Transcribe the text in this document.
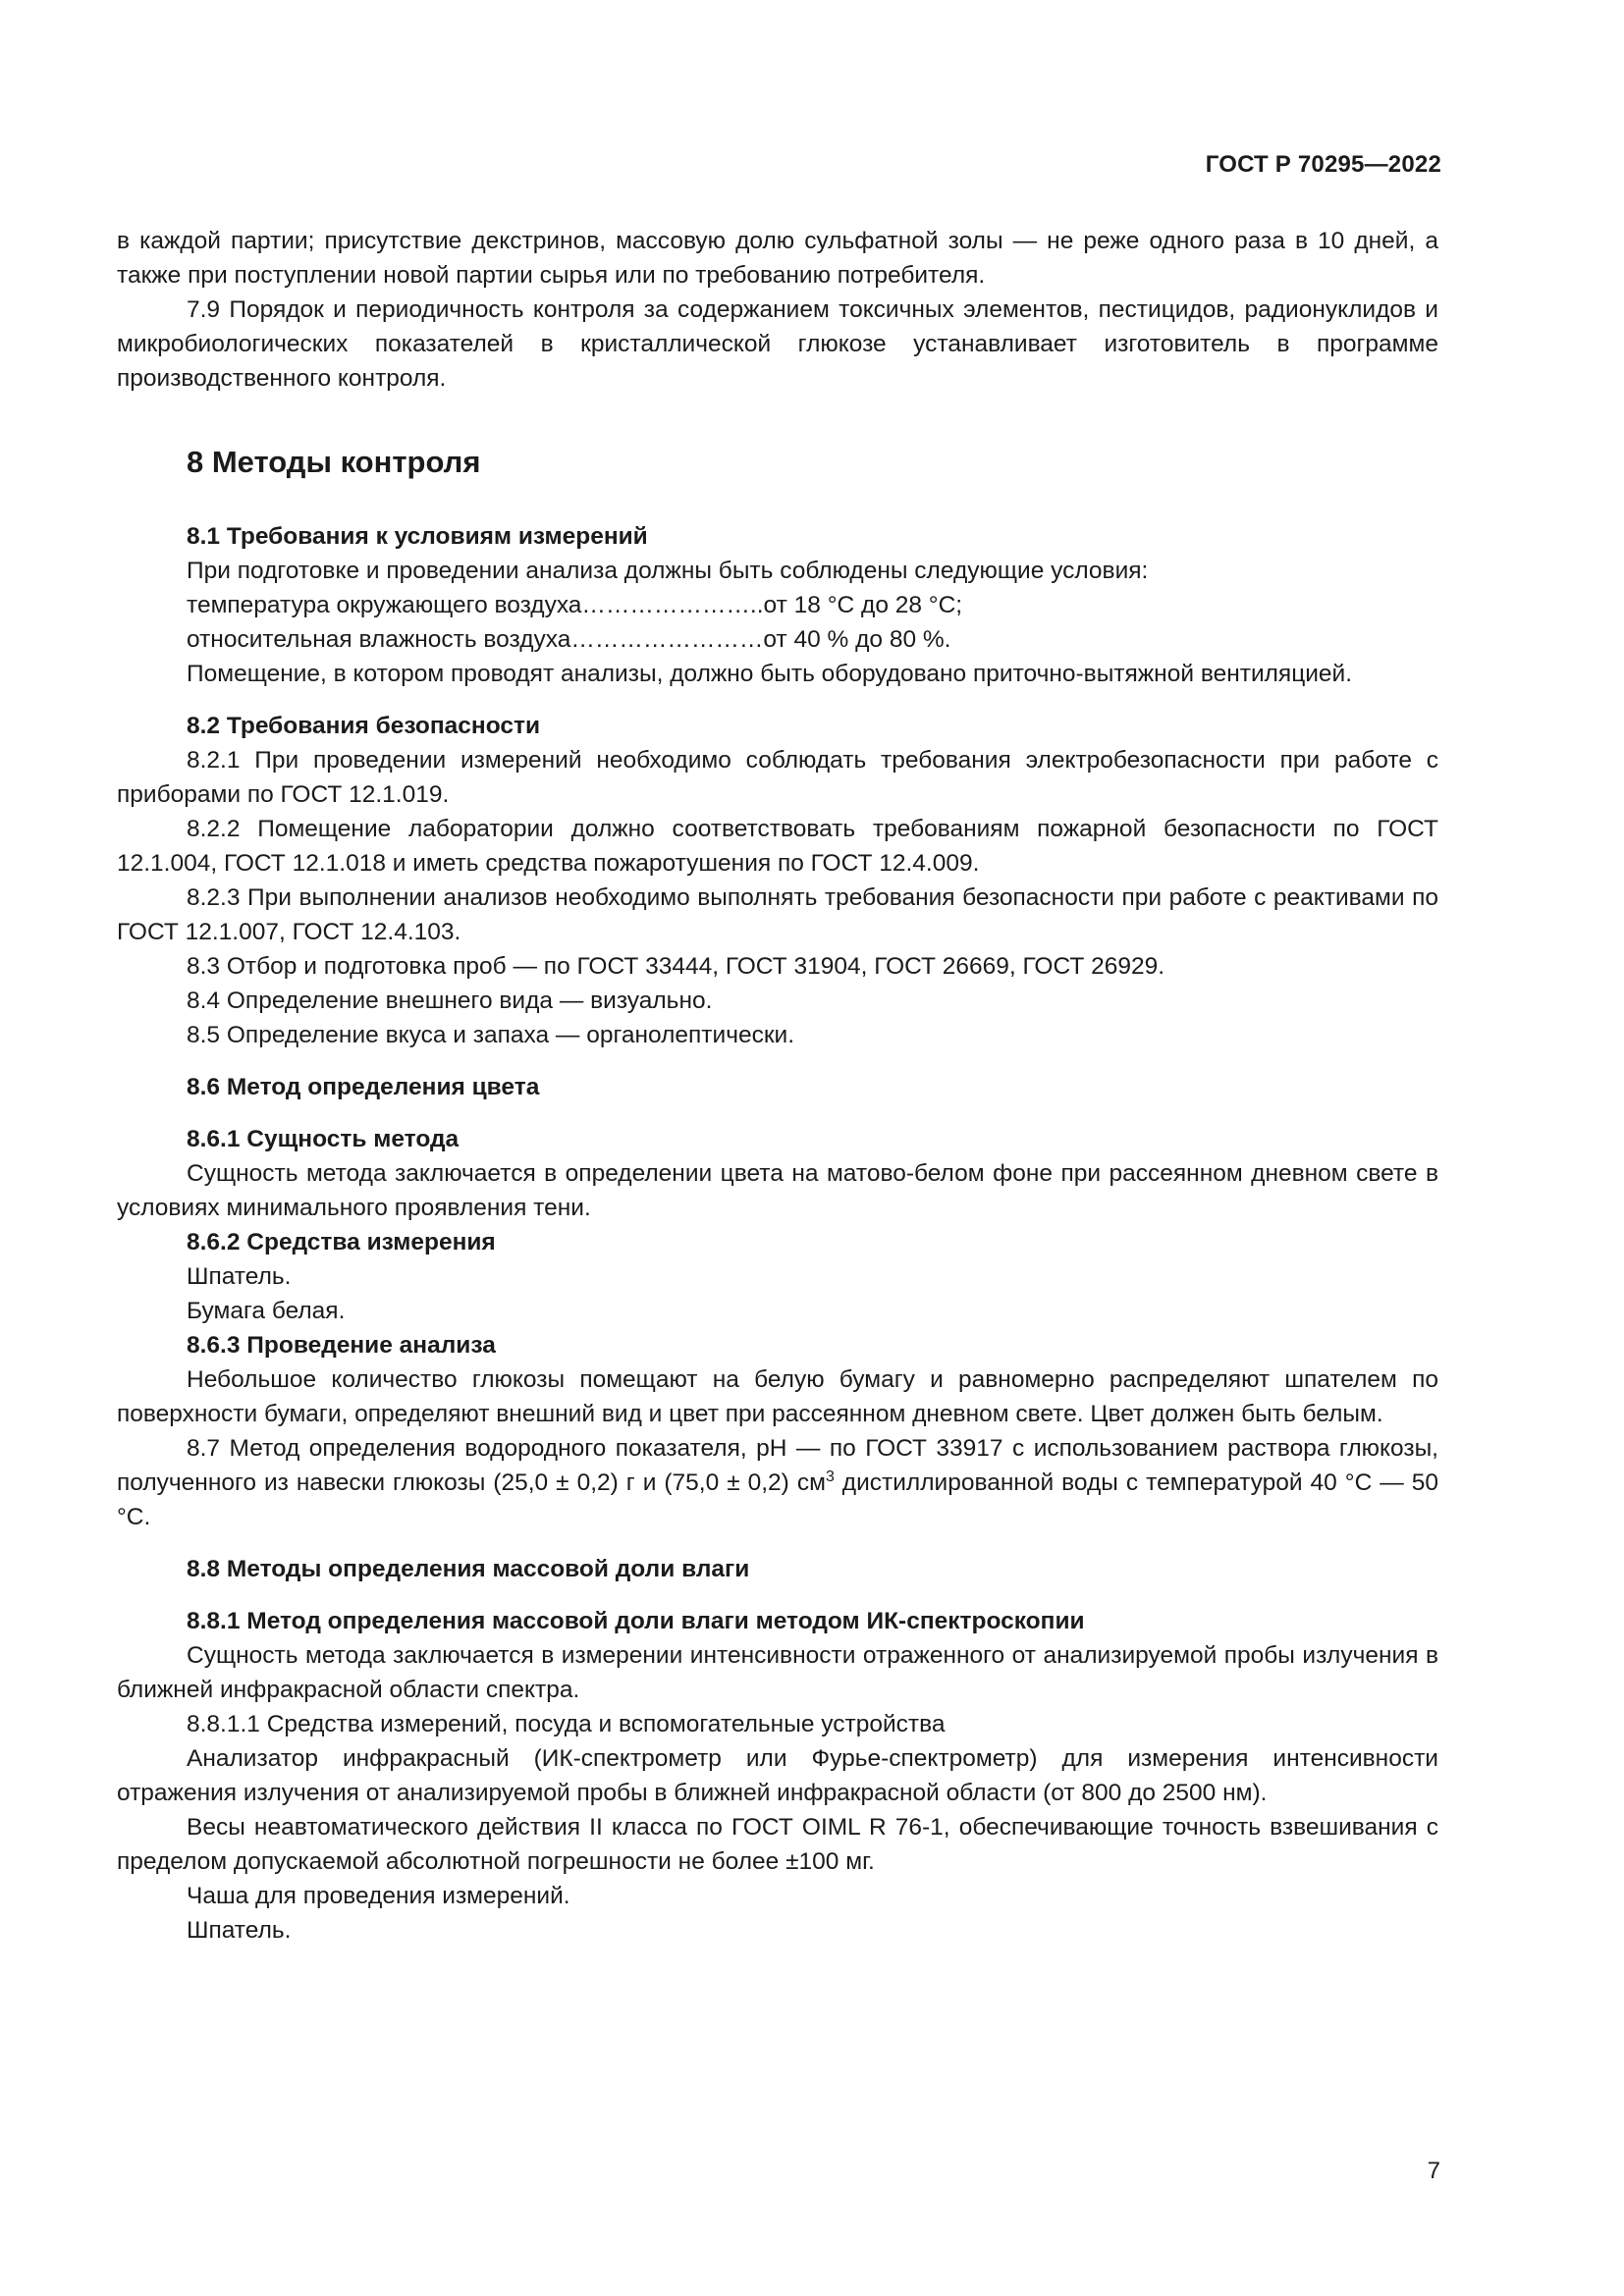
ГОСТ Р 70295—2022

в каждой партии; присутствие декстринов, массовую долю сульфатной золы — не реже одного раза в 10 дней, а также при поступлении новой партии сырья или по требованию потребителя.

7.9 Порядок и периодичность контроля за содержанием токсичных элементов, пестицидов, радионуклидов и микробиологических показателей в кристаллической глюкозе устанавливает изготовитель в программе производственного контроля.

8 Методы контроля
8.1 Требования к условиям измерений

При подготовке и проведении анализа должны быть соблюдены следующие условия:

температура окружающего воздуха…………………..от 18 °С до 28 °С;

относительная влажность воздуха……………………от 40 % до 80 %.

Помещение, в котором проводят анализы, должно быть оборудовано приточно-вытяжной вентиляцией.

8.2 Требования безопасности

8.2.1 При проведении измерений необходимо соблюдать требования электробезопасности при работе с приборами по ГОСТ 12.1.019.

8.2.2 Помещение лаборатории должно соответствовать требованиям пожарной безопасности по ГОСТ 12.1.004, ГОСТ 12.1.018 и иметь средства пожаротушения по ГОСТ 12.4.009.

8.2.3 При выполнении анализов необходимо выполнять требования безопасности при работе с реактивами по ГОСТ 12.1.007, ГОСТ 12.4.103.

8.3 Отбор и подготовка проб — по ГОСТ 33444, ГОСТ 31904, ГОСТ 26669, ГОСТ 26929.

8.4 Определение внешнего вида — визуально.

8.5 Определение вкуса и запаха — органолептически.

8.6 Метод определения цвета
8.6.1 Сущность метода

Сущность метода заключается в определении цвета на матово-белом фоне при рассеянном дневном свете в условиях минимального проявления тени.

8.6.2 Средства измерения

Шпатель.

Бумага белая.

8.6.3 Проведение анализа

Небольшое количество глюкозы помещают на белую бумагу и равномерно распределяют шпателем по поверхности бумаги, определяют внешний вид и цвет при рассеянном дневном свете. Цвет должен быть белым.

8.7 Метод определения водородного показателя, рН — по ГОСТ 33917 с использованием раствора глюкозы, полученного из навески глюкозы (25,0 ± 0,2) г и (75,0 ± 0,2) $см^3$ дистиллированной воды с температурой 40 °С — 50 °С.

8.8 Методы определения массовой доли влаги
8.8.1 Метод определения массовой доли влаги методом ИК-спектроскопии

Сущность метода заключается в измерении интенсивности отраженного от анализируемой пробы излучения в ближней инфракрасной области спектра.

8.8.1.1 Средства измерений, посуда и вспомогательные устройства

Анализатор инфракрасный (ИК-спектрометр или Фурье-спектрометр) для измерения интенсивности отражения излучения от анализируемой пробы в ближней инфракрасной области (от 800 до 2500 нм).

Весы неавтоматического действия II класса по ГОСТ OIML R 76-1, обеспечивающие точность взвешивания с пределом допускаемой абсолютной погрешности не более ±100 мг.

Чаша для проведения измерений.

Шпатель.

7
